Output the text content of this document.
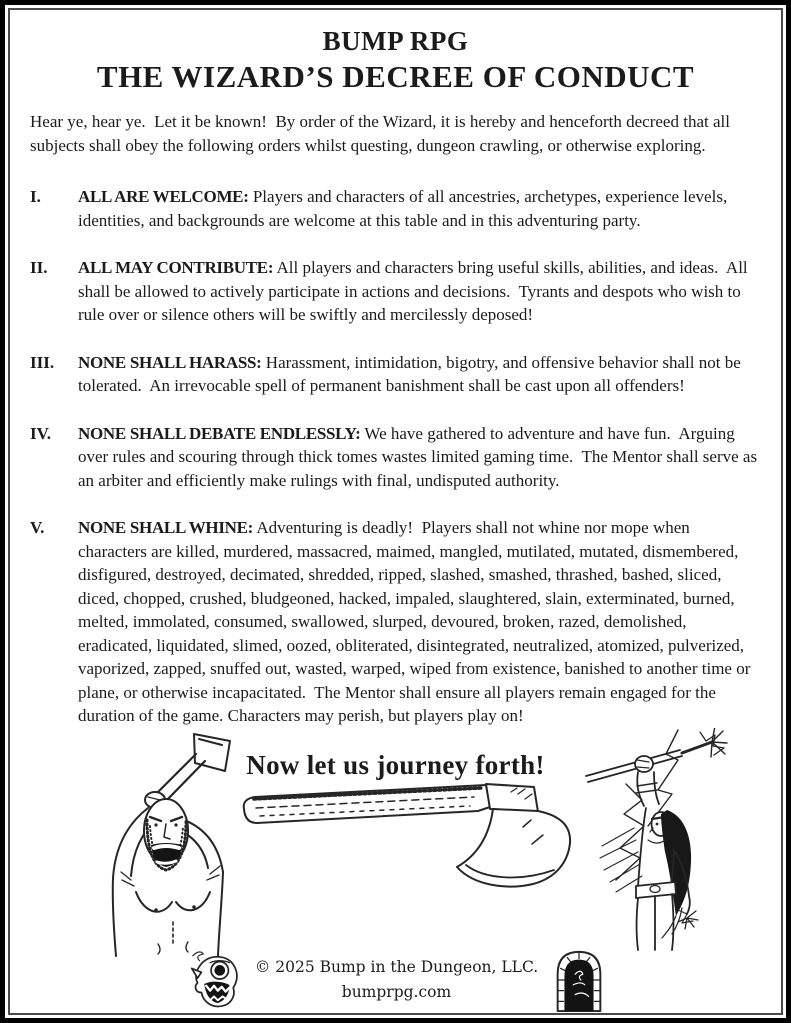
BUMP RPG
THE WIZARD’S DECREE OF CONDUCT
Hear ye, hear ye.  Let it be known!  By order of the Wizard, it is hereby and henceforth decreed that all subjects shall obey the following orders whilst questing, dungeon crawling, or otherwise exploring.
I.	ALL ARE WELCOME: Players and characters of all ancestries, archetypes, experience levels, identities, and backgrounds are welcome at this table and in this adventuring party.
II.	ALL MAY CONTRIBUTE: All players and characters bring useful skills, abilities, and ideas.  All shall be allowed to actively participate in actions and decisions.  Tyrants and despots who wish to rule over or silence others will be swiftly and mercilessly deposed!
III.	NONE SHALL HARASS: Harassment, intimidation, bigotry, and offensive behavior shall not be tolerated.  An irrevocable spell of permanent banishment shall be cast upon all offenders!
IV.	NONE SHALL DEBATE ENDLESSLY: We have gathered to adventure and have fun.  Arguing over rules and scouring through thick tomes wastes limited gaming time.  The Mentor shall serve as an arbiter and efficiently make rulings with final, undisputed authority.
V.	NONE SHALL WHINE: Adventuring is deadly!  Players shall not whine nor mope when characters are killed, murdered, massacred, maimed, mangled, mutilated, mutated, dismembered, disfigured, destroyed, decimated, shredded, ripped, slashed, smashed, thrashed, bashed, sliced, diced, chopped, crushed, bludgeoned, hacked, impaled, slaughtered, slain, exterminated, burned, melted, immolated, consumed, swallowed, slurped, devoured, broken, razed, demolished, eradicated, liquidated, slimed, oozed, obliterated, disintegrated, neutralized, atomized, pulverized, vaporized, zapped, snuffed out, wasted, warped, wiped from existence, banished to another time or plane, or otherwise incapacitated.  The Mentor shall ensure all players remain engaged for the duration of the game. Characters may perish, but players play on!
Now let us journey forth!
© 2025 Bump in the Dungeon, LLC.
bumprpg.com
